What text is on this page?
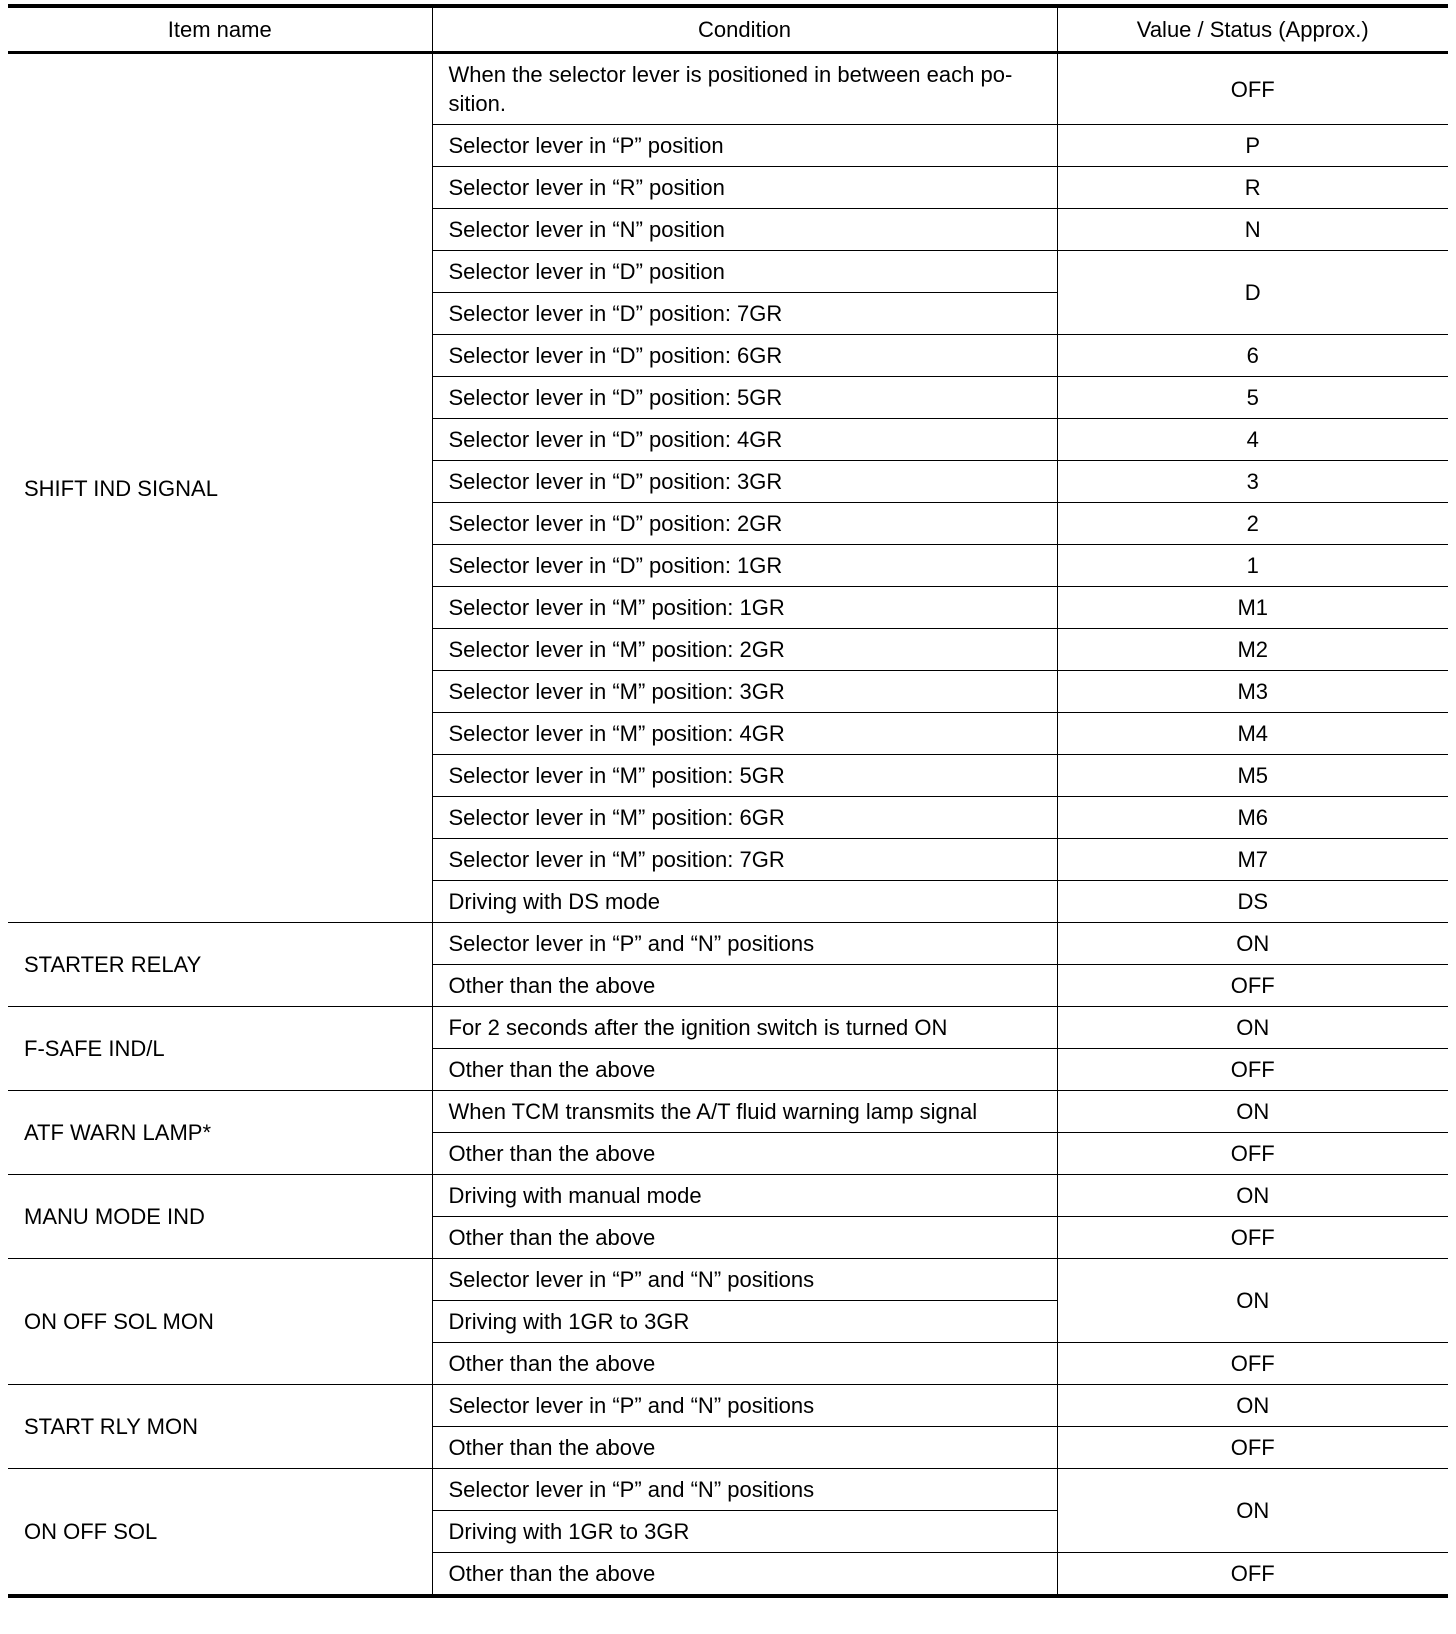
Item name	Condition	Value / Status (Approx.)
SHIFT IND SIGNAL	When the selector lever is positioned in between each po-sition.	OFF
	Selector lever in “P” position	P
	Selector lever in “R” position	R
	Selector lever in “N” position	N
	Selector lever in “D” position	D
	Selector lever in “D” position: 7GR	
	Selector lever in “D” position: 6GR	6
	Selector lever in “D” position: 5GR	5
	Selector lever in “D” position: 4GR	4
	Selector lever in “D” position: 3GR	3
	Selector lever in “D” position: 2GR	2
	Selector lever in “D” position: 1GR	1
	Selector lever in “M” position: 1GR	M1
	Selector lever in “M” position: 2GR	M2
	Selector lever in “M” position: 3GR	M3
	Selector lever in “M” position: 4GR	M4
	Selector lever in “M” position: 5GR	M5
	Selector lever in “M” position: 6GR	M6
	Selector lever in “M” position: 7GR	M7
	Driving with DS mode	DS
STARTER RELAY	Selector lever in “P” and “N” positions	ON
	Other than the above	OFF
F-SAFE IND/L	For 2 seconds after the ignition switch is turned ON	ON
	Other than the above	OFF
ATF WARN LAMP*	When TCM transmits the A/T fluid warning lamp signal	ON
	Other than the above	OFF
MANU MODE IND	Driving with manual mode	ON
	Other than the above	OFF
ON OFF SOL MON	Selector lever in “P” and “N” positions	ON
	Driving with 1GR to 3GR	
	Other than the above	OFF
START RLY MON	Selector lever in “P” and “N” positions	ON
	Other than the above	OFF
ON OFF SOL	Selector lever in “P” and “N” positions	ON
	Driving with 1GR to 3GR	
	Other than the above	OFF
